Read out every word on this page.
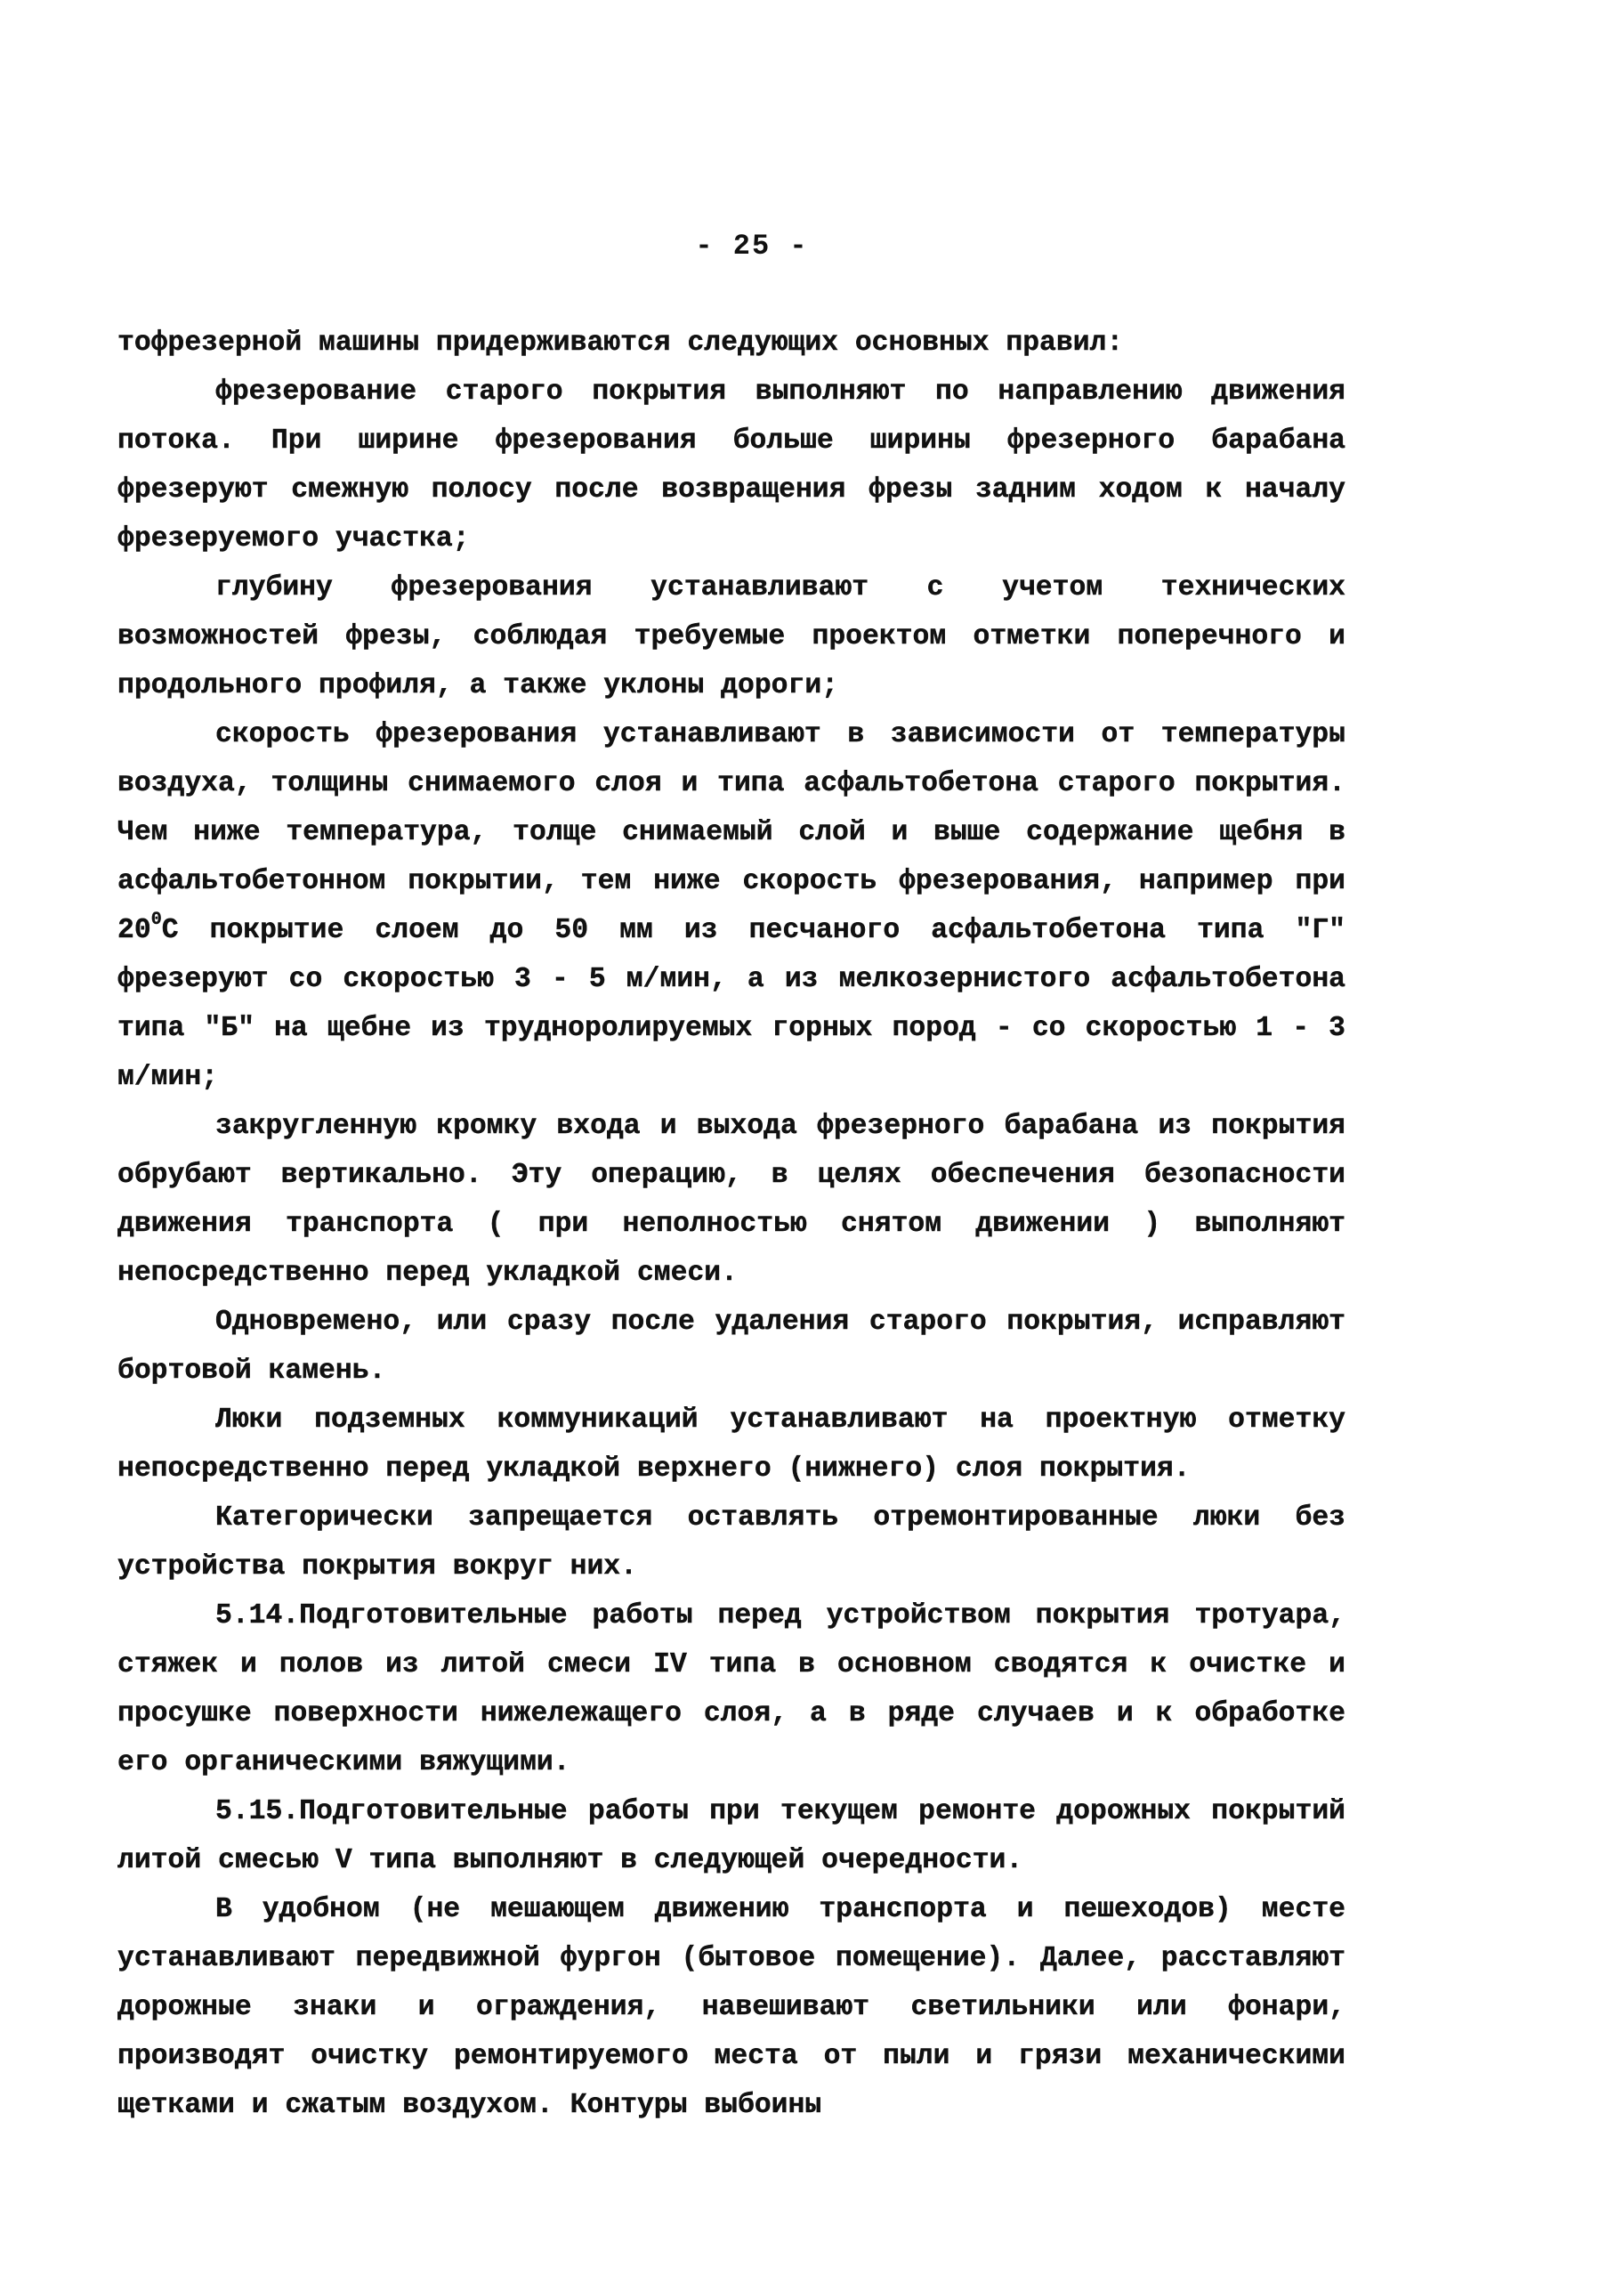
- 25 -

тофрезерной машины придерживаются следующих основных правил:

фрезерование старого покрытия выполняют по направлению движения потока. При ширине фрезерования больше ширины фрезерного барабана фрезеруют смежную полосу после возвращения фрезы задним ходом к началу фрезеруемого участка;

глубину фрезерования устанавливают с учетом технических возможностей фрезы, соблюдая требуемые проектом отметки поперечного и продольного профиля, а также уклоны дороги;

скорость фрезерования устанавливают в зависимости от температуры воздуха, толщины снимаемого слоя и типа асфальтобетона старого покрытия. Чем ниже температура, толще снимаемый слой и выше содержание щебня в асфальтобетонном покрытии, тем ниже скорость фрезерования, например при $20^0С$ покрытие слоем до 50 мм из песчаного асфальтобетона типа "Г" фрезеруют со скоростью 3 - 5 м/мин, а из мелкозернистого асфальтобетона типа "Б" на щебне из трудноролируемых горных пород - со скоростью 1 - 3 м/мин;

закругленную кромку входа и выхода фрезерного барабана из покрытия обрубают вертикально. Эту операцию, в целях обеспечения безопасности движения транспорта ( при неполностью снятом движении ) выполняют непосредственно перед укладкой смеси.

Одновремено, или сразу после удаления старого покрытия, исправляют бортовой камень.

Люки подземных коммуникаций устанавливают на проектную отметку непосредственно перед укладкой верхнего (нижнего) слоя покрытия.

Категорически запрещается оставлять отремонтированные люки без устройства покрытия вокруг них.

5.14.Подготовительные работы перед устройством покрытия тротуара, стяжек и полов из литой смеси IV типа в основном сводятся к очистке и просушке поверхности нижележащего слоя, а в ряде случаев и к обработке его органическими вяжущими.

5.15.Подготовительные работы при текущем ремонте дорожных покрытий литой смесью V типа выполняют в следующей очередности.

В удобном (не мешающем движению транспорта и пешеходов) месте устанавливают передвижной фургон (бытовое помещение). Далее, расставляют дорожные знаки и ограждения, навешивают светильники или фонари, производят очистку ремонтируемого места от пыли и грязи механическими щетками и сжатым воздухом. Контуры выбоины
